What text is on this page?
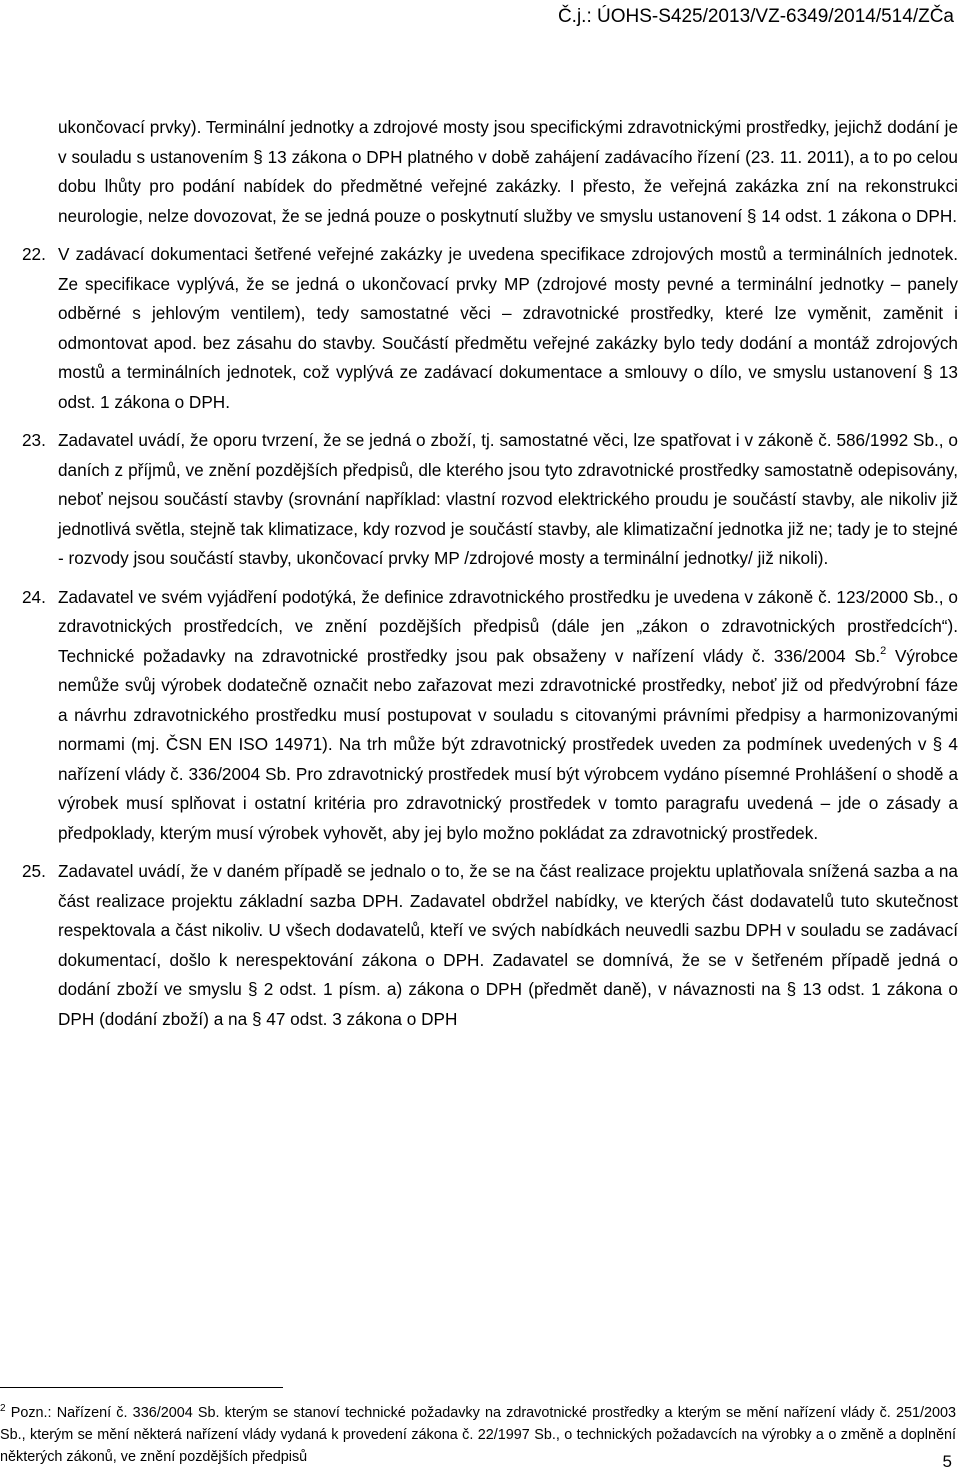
Č.j.: ÚOHS-S425/2013/VZ-6349/2014/514/ZČa

ukončovací prvky). Terminální jednotky a zdrojové mosty jsou specifickými zdravotnickými prostředky, jejichž dodání je v souladu s ustanovením § 13 zákona o DPH platného v době zahájení zadávacího řízení (23. 11. 2011), a to po celou dobu lhůty pro podání nabídek do předmětné veřejné zakázky. I přesto, že veřejná zakázka zní na rekonstrukci neurologie, nelze dovozovat, že se jedná pouze o poskytnutí služby ve smyslu ustanovení § 14 odst. 1 zákona o DPH.

22. V zadávací dokumentaci šetřené veřejné zakázky je uvedena specifikace zdrojových mostů a terminálních jednotek. Ze specifikace vyplývá, že se jedná o ukončovací prvky MP (zdrojové mosty pevné a terminální jednotky – panely odběrné s jehlovým ventilem), tedy samostatné věci – zdravotnické prostředky, které lze vyměnit, zaměnit i odmontovat apod. bez zásahu do stavby. Součástí předmětu veřejné zakázky bylo tedy dodání a montáž zdrojových mostů a terminálních jednotek, což vyplývá ze zadávací dokumentace a smlouvy o dílo, ve smyslu ustanovení § 13 odst. 1 zákona o DPH.

23. Zadavatel uvádí, že oporu tvrzení, že se jedná o zboží, tj. samostatné věci, lze spatřovat i v zákoně č. 586/1992 Sb., o daních z příjmů, ve znění pozdějších předpisů, dle kterého jsou tyto zdravotnické prostředky samostatně odepisovány, neboť nejsou součástí stavby (srovnání například: vlastní rozvod elektrického proudu je součástí stavby, ale nikoliv již jednotlivá světla, stejně tak klimatizace, kdy rozvod je součástí stavby, ale klimatizační jednotka již ne; tady je to stejné - rozvody jsou součástí stavby, ukončovací prvky MP /zdrojové mosty a terminální jednotky/ již nikoli).

24. Zadavatel ve svém vyjádření podotýká, že definice zdravotnického prostředku je uvedena v zákoně č. 123/2000 Sb., o zdravotnických prostředcích, ve znění pozdějších předpisů (dále jen „zákon o zdravotnických prostředcích“). Technické požadavky na zdravotnické prostředky jsou pak obsaženy v nařízení vlády č. 336/2004 Sb.$^2$ Výrobce nemůže svůj výrobek dodatečně označit nebo zařazovat mezi zdravotnické prostředky, neboť již od předvýrobní fáze a návrhu zdravotnického prostředku musí postupovat v souladu s citovanými právními předpisy a harmonizovanými normami (mj. ČSN EN ISO 14971). Na trh může být zdravotnický prostředek uveden za podmínek uvedených v § 4 nařízení vlády č. 336/2004 Sb. Pro zdravotnický prostředek musí být výrobcem vydáno písemné Prohlášení o shodě a výrobek musí splňovat i ostatní kritéria pro zdravotnický prostředek v tomto paragrafu uvedená – jde o zásady a předpoklady, kterým musí výrobek vyhovět, aby jej bylo možno pokládat za zdravotnický prostředek.

25. Zadavatel uvádí, že v daném případě se jednalo o to, že se na část realizace projektu uplatňovala snížená sazba a na část realizace projektu základní sazba DPH. Zadavatel obdržel nabídky, ve kterých část dodavatelů tuto skutečnost respektovala a část nikoliv. U všech dodavatelů, kteří ve svých nabídkách neuvedli sazbu DPH v souladu se zadávací dokumentací, došlo k nerespektování zákona o DPH. Zadavatel se domnívá, že se v šetřeném případě jedná o dodání zboží ve smyslu § 2 odst. 1 písm. a) zákona o DPH (předmět daně), v návaznosti na § 13 odst. 1 zákona o DPH (dodání zboží) a na § 47 odst. 3 zákona o DPH

$^2$ Pozn.: Nařízení č. 336/2004 Sb. kterým se stanoví technické požadavky na zdravotnické prostředky a kterým se mění nařízení vlády č. 251/2003 Sb., kterým se mění některá nařízení vlády vydaná k provedení zákona č. 22/1997 Sb., o technických požadavcích na výrobky a o změně a doplnění některých zákonů, ve znění pozdějších předpisů	5
